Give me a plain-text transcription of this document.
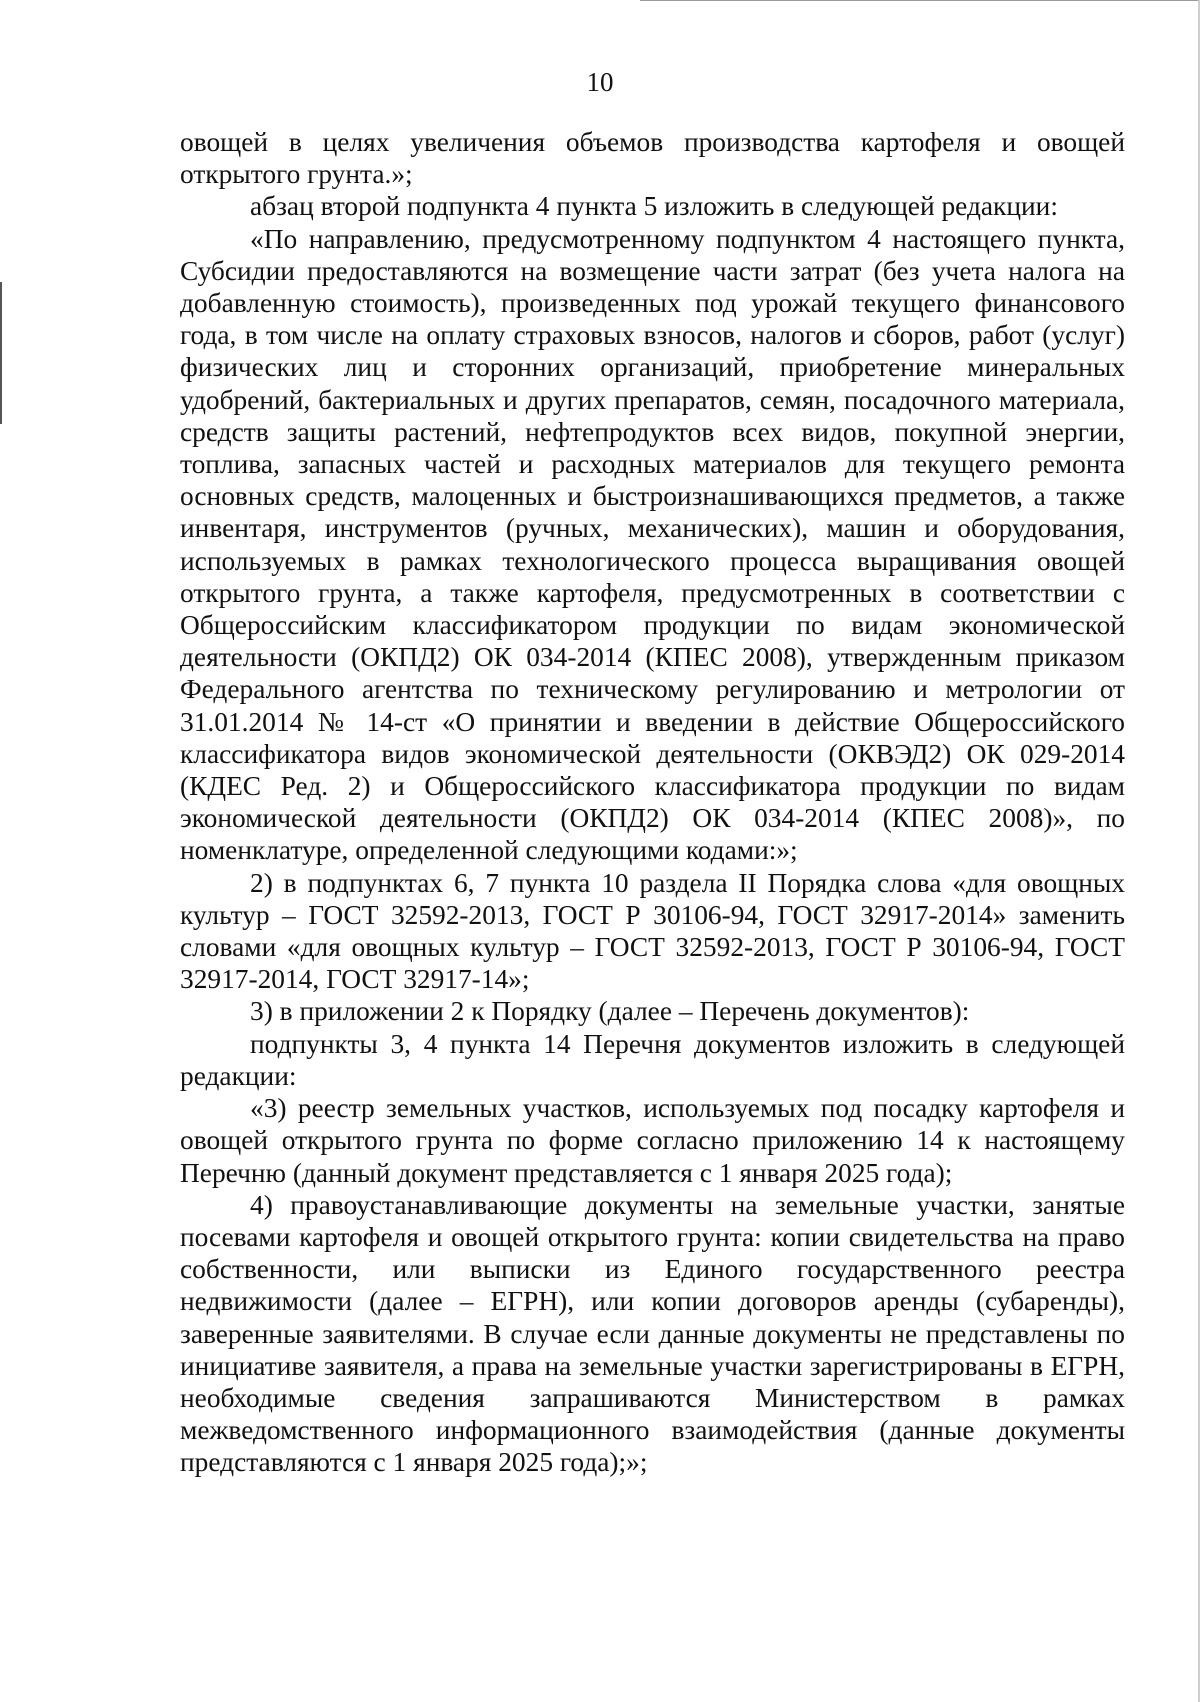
10

овощей в целях увеличения объемов производства картофеля и овощей открытого грунта.»;

абзац второй подпункта 4 пункта 5 изложить в следующей редакции:

«По направлению, предусмотренному подпунктом 4 настоящего пункта, Субсидии предоставляются на возмещение части затрат (без учета налога на добавленную стоимость), произведенных под урожай текущего финансового года, в том числе на оплату страховых взносов, налогов и сборов, работ (услуг) физических лиц и сторонних организаций, приобретение минеральных удобрений, бактериальных и других препаратов, семян, посадочного материала, средств защиты растений, нефтепродуктов всех видов, покупной энергии, топлива, запасных частей и расходных материалов для текущего ремонта основных средств, малоценных и быстроизнашивающихся предметов, а также инвентаря, инструментов (ручных, механических), машин и оборудования, используемых в рамках технологического процесса выращивания овощей открытого грунта, а также картофеля, предусмотренных в соответствии с Общероссийским классификатором продукции по видам экономической деятельности (ОКПД2) ОК 034-2014 (КПЕС 2008), утвержденным приказом Федерального агентства по техническому регулированию и метрологии от 31.01.2014 № 14-ст «О принятии и введении в действие Общероссийского классификатора видов экономической деятельности (ОКВЭД2) ОК 029-2014 (КДЕС Ред. 2) и Общероссийского классификатора продукции по видам экономической деятельности (ОКПД2) ОК 034-2014 (КПЕС 2008)», по номенклатуре, определенной следующими кодами:»;

2) в подпунктах 6, 7 пункта 10 раздела II Порядка слова «для овощных культур – ГОСТ 32592-2013, ГОСТ Р 30106-94, ГОСТ 32917-2014» заменить словами «для овощных культур – ГОСТ 32592-2013, ГОСТ Р 30106-94, ГОСТ 32917-2014, ГОСТ 32917-14»;

3) в приложении 2 к Порядку (далее – Перечень документов):

подпункты 3, 4 пункта 14 Перечня документов изложить в следующей редакции:

«3) реестр земельных участков, используемых под посадку картофеля и овощей открытого грунта по форме согласно приложению 14 к настоящему Перечню (данный документ представляется с 1 января 2025 года);

4) правоустанавливающие документы на земельные участки, занятые посевами картофеля и овощей открытого грунта: копии свидетельства на право собственности, или выписки из Единого государственного реестра недвижимости (далее – ЕГРН), или копии договоров аренды (субаренды), заверенные заявителями. В случае если данные документы не представлены по инициативе заявителя, а права на земельные участки зарегистрированы в ЕГРН, необходимые сведения запрашиваются Министерством в рамках межведомственного информационного взаимодействия (данные документы представляются с 1 января 2025 года);»;
